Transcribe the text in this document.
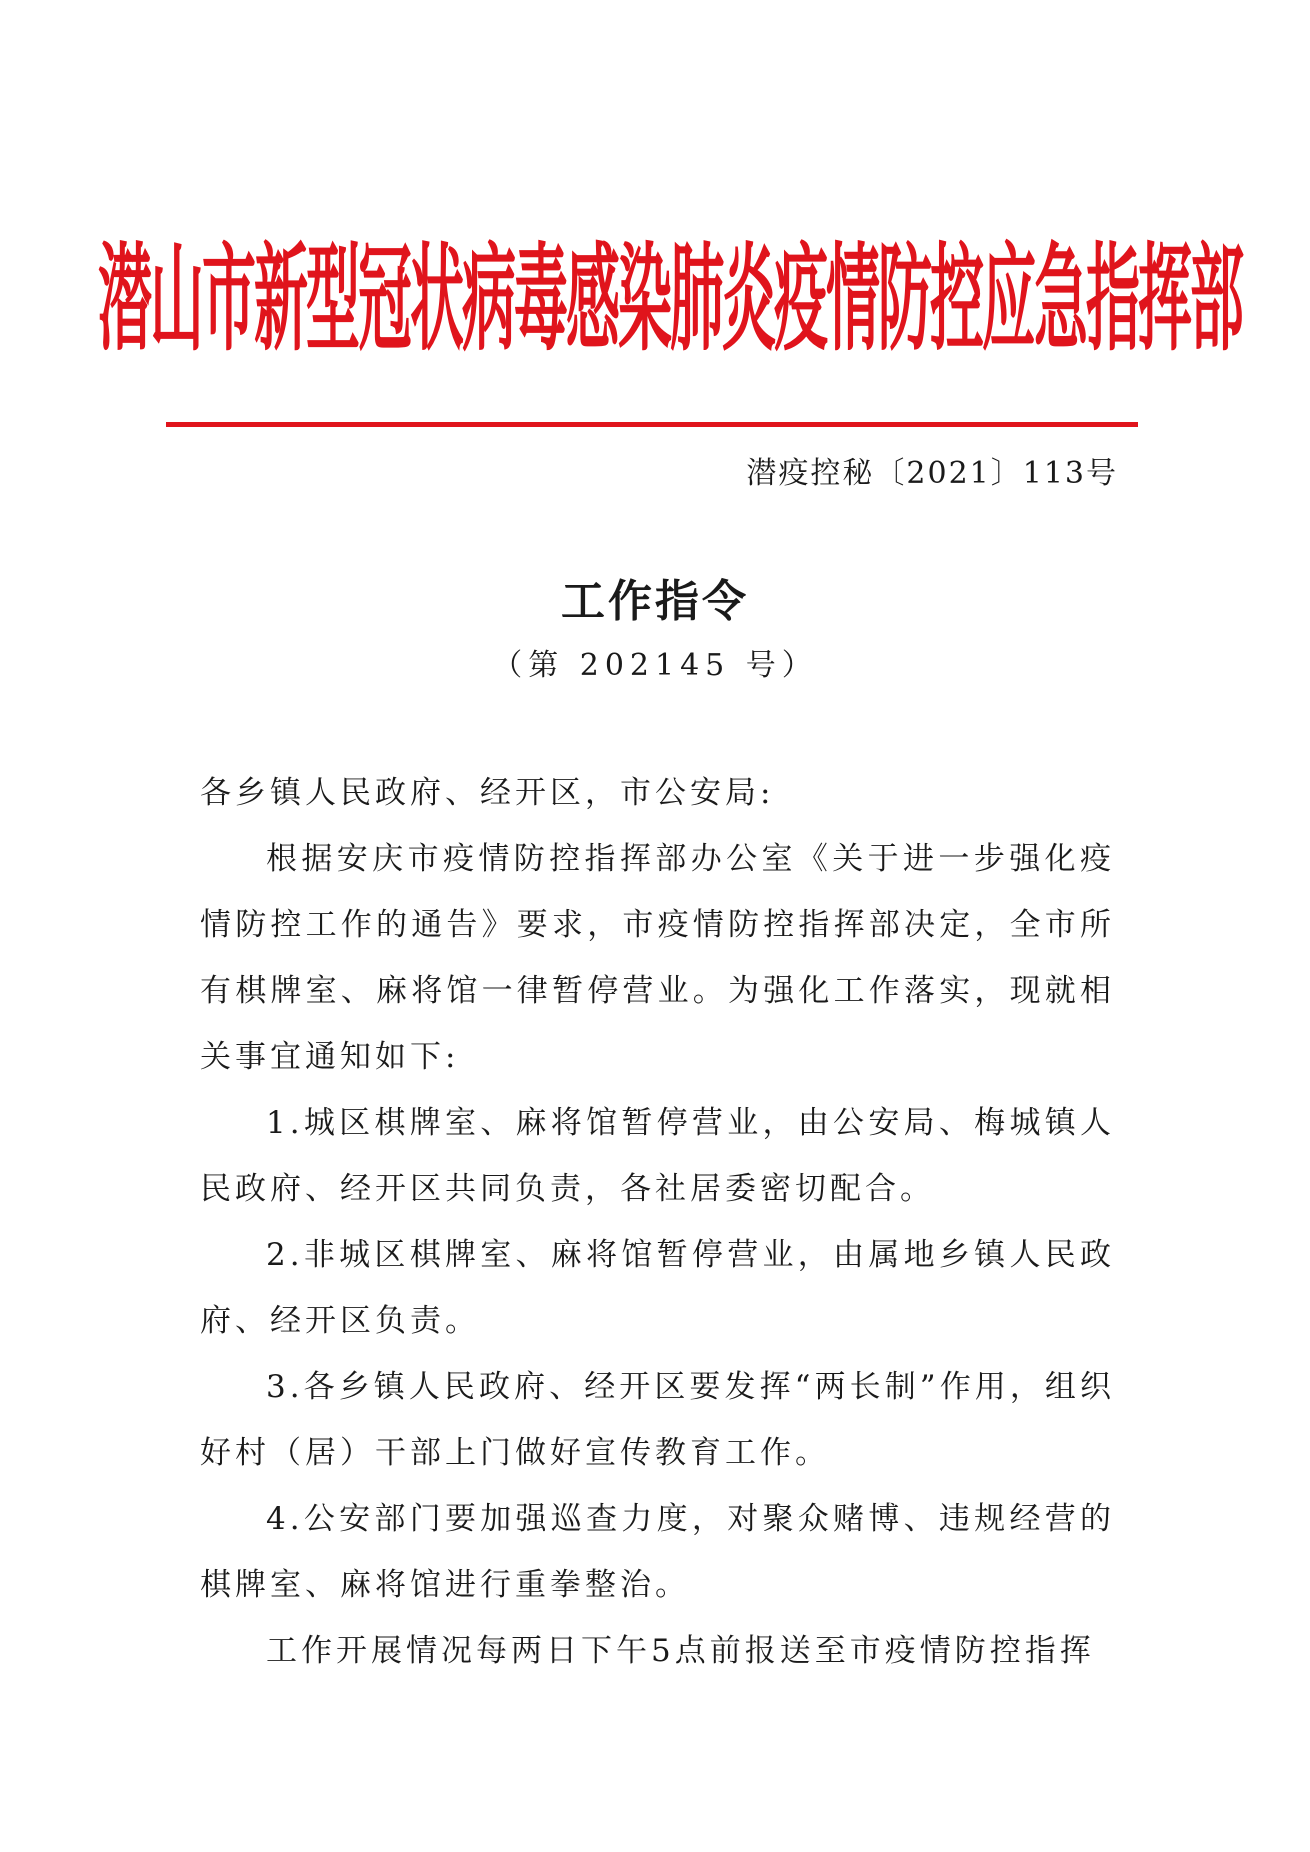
潜山市新型冠状病毒感染肺炎疫情防控应急指挥部
潜疫控秘〔2021〕113号
工作指令
（第 202145 号）

各乡镇人民政府、经开区，市公安局:

根据安庆市疫情防控指挥部办公室《关于进一步强化疫情防控工作的通告》要求，市疫情防控指挥部决定，全市所有棋牌室、麻将馆一律暂停营业。为强化工作落实，现就相关事宜通知如下:

1.城区棋牌室、麻将馆暂停营业，由公安局、梅城镇人民政府、经开区共同负责，各社居委密切配合。

2.非城区棋牌室、麻将馆暂停营业，由属地乡镇人民政府、经开区负责。

3.各乡镇人民政府、经开区要发挥“两长制”作用，组织好村（居）干部上门做好宣传教育工作。

4.公安部门要加强巡查力度，对聚众赌博、违规经营的棋牌室、麻将馆进行重拳整治。

工作开展情况每两日下午5点前报送至市疫情防控指挥
